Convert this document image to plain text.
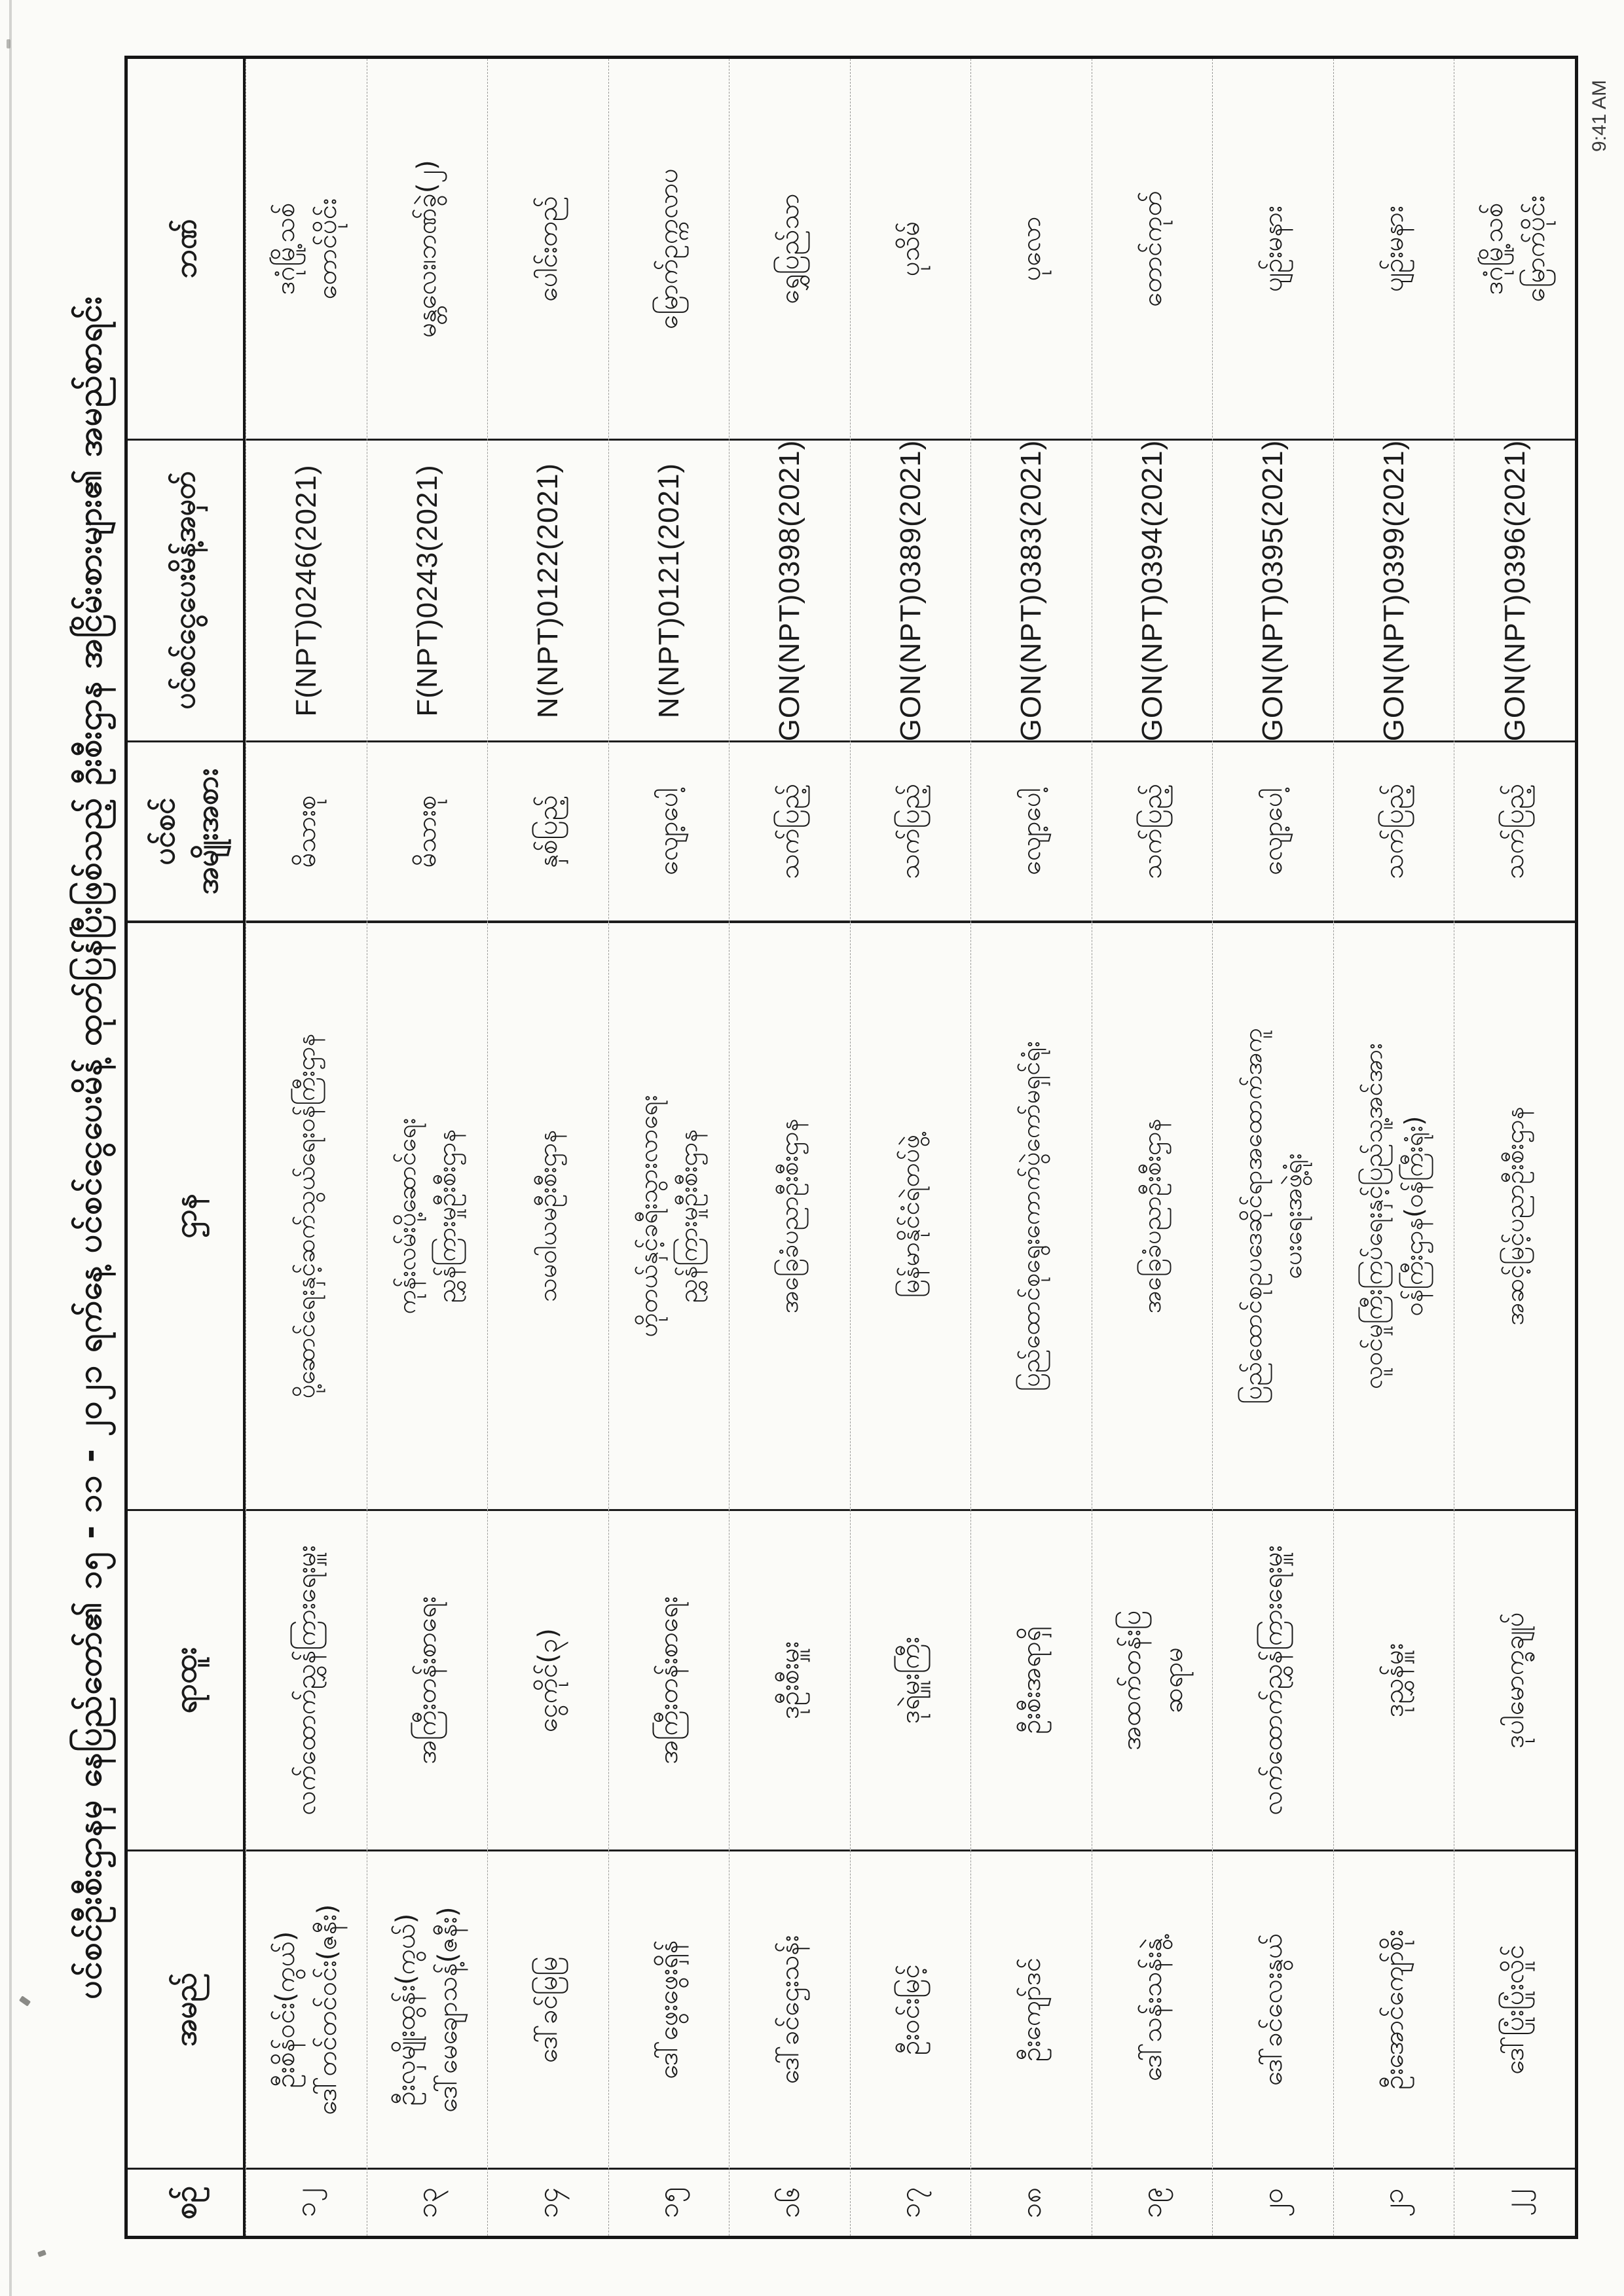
9:41 AM
ပင်စင်ဦးစီးဌာနမှ နေပြည်တော်၏ ၁၅ - ၁၁ - ၂၀၂၁ ရက်နေ့ ပင်စင်ငွေပေးမိန့် ထုတ်ပြန်ပြီးဖြစ်သည့် ဦးစီးဌာန အငြိမ်းစားများ၏ အမည်စာရင်း
စဉ်
အမည်
ရာထူး
ဌာန
ပင်စင် အမျိုးအစား
ပင်စင်ငွေပေးမိန့်အမှတ်
ဘဏ်
၁၂
ဦးစိန်ဝင်း(ကွယ်) ဒေါ်တင်တင်ဝင်း(ဇနီး)
လက်ထောက်ညွှန်ကြားရေးမှူး
ပို့ဆောင်ရေးနှင့်ဆက်သွယ်ရေးဝန်ကြီးဌာန
မိသားစု
F(NPT)0246(2021)
ဒဂုံမြို့သစ် တောင်ပိုင်း
၁၃
ဦးလှမျိုးထွန်း(ကွယ်) ဒေါ်မေချောသန့်(ဇနီး)
အကြီးတန်းစာရေး
ကုန်းလမ်းပို့ဆောင်ရေး ညွှန်ကြားမှုဦးစီးဌာန
မိသားစု
F(NPT)0243(2021)
မန္တလေး၊ဘဏ်ခွဲ(၂)
၁၄
ဒေါ်ခင်မြမြ
ငွေကိုင်(၃)
သမဝါယမဦးစီးဌာန
နှစ်ပြည့်
N(NPT)0122(2021)
ပေါင်းတည်
၁၅
ဒေါ်ဖွေးဖွေးရှိန်
အကြီးတန်းစာရေး
ဟိုတယ်နှင့်ခရီးသွားလာရေး ညွှန်ကြားမှုဦးစီးဌာန
လျော့ပေါ့
N(NPT)0121(2021)
မြောက်ဥက္ကလာပ
၁၆
ဒေါ်ခင်ဌေးသန်း
ဒုဦးစီးမှူး
အခြေခံပညာဦးစီးဌာန
သက်ပြည့်
GON(NPT)0398(2021)
ရွှေပြည်သာ
၁၇
ဦးဝင်းမြင့်
ဒုရဲမှူးကြီး
မြန်မာနိုင်ငံရဲတပ်ဖွဲ့
သက်ပြည့်
GON(NPT)0389(2021)
ပုသိမ်
၁၈
ဦးကျော်ဒင်
ဦးစီးအရာရှိ
ပြည်ထောင်စုရွေးကောက်ပွဲကော်မရှင်ရုံး
လျော့ပေါ့
GON(NPT)0383(2021)
ပုလော
၁၉
ဒေါ်သန်းသန်းနွဲ့
အထက်တန်းပြ ဆရာမ
အခြေခံပညာဦးစီးဌာန
သက်ပြည့်
GON(NPT)0394(2021)
တောင်ကုတ်
၂၀
ဒေါ်ခင်လေးနွယ်
လက်ထောက်ညွှန်ကြားရေးမှူး
ပြည်ထောင်စုဥပဒေဆိုင်ရာအထောက်အကူ ပေးရေးအဖွဲ့ရုံး
လျော့ပေါ့
GON(NPT)0395(2021)
ပျဉ်းမနား
၂၁
ဦးအောင်ကျော်စိုး
ဒုညွှန်မှူး
လူဝင်မှုကြီးကြပ်ရေးနှင့်ပြည်သူ့အင်အား ဝန်ကြီးဌာန(ဝန်ကြီးရုံး)
သက်ပြည့်
GON(NPT)0399(2021)
ပျဉ်းမနား
၂၂
ဒေါ်ပြုံးပြုံးလှိုင်
ဒုပါမောက္ခချုပ်
အဆင့်မြင့်ပညာဦးစီးဌာန
သက်ပြည့်
GON(NPT)0396(2021)
ဒဂုံမြို့သစ် မြောက်ပိုင်း
